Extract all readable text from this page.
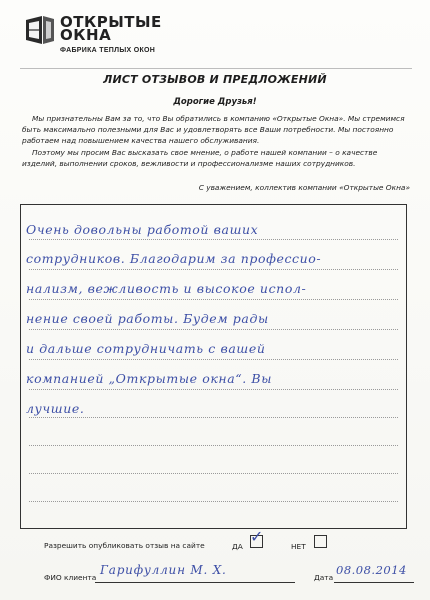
ОТКРЫТЫЕ
ОКНА
ФАБРИКА ТЕПЛЫХ ОКОН
ЛИСТ ОТЗЫВОВ И ПРЕДЛОЖЕНИЙ
Дорогие Друзья!

Мы признательны Вам за то, что Вы обратились в компанию «Открытые Окна». Мы стремимся быть максимально полезными для Вас и удовлетворять все Ваши потребности. Мы постоянно работаем над повышением качества нашего обслуживания.

Поэтому мы просим Вас высказать свое мнение, о работе нашей компании – о качестве изделий, выполнении сроков, вежливости и профессионализме наших сотрудников.

С уважением, коллектив компании «Открытые Окна»
Очень довольны работой ваших
сотрудников. Благодарим за профессио-
нализм, вежливость и высокое испол-
нение своей работы. Будем рады
и дальше сотрудничать с вашей
компанией „Открытые окна“. Вы
лучшие.
Разрешить опубликовать отзыв на сайте	ДА
✓
НЕТ
ФИО клиента
Гарифуллин М. Х.
Дата
08.08.2014
